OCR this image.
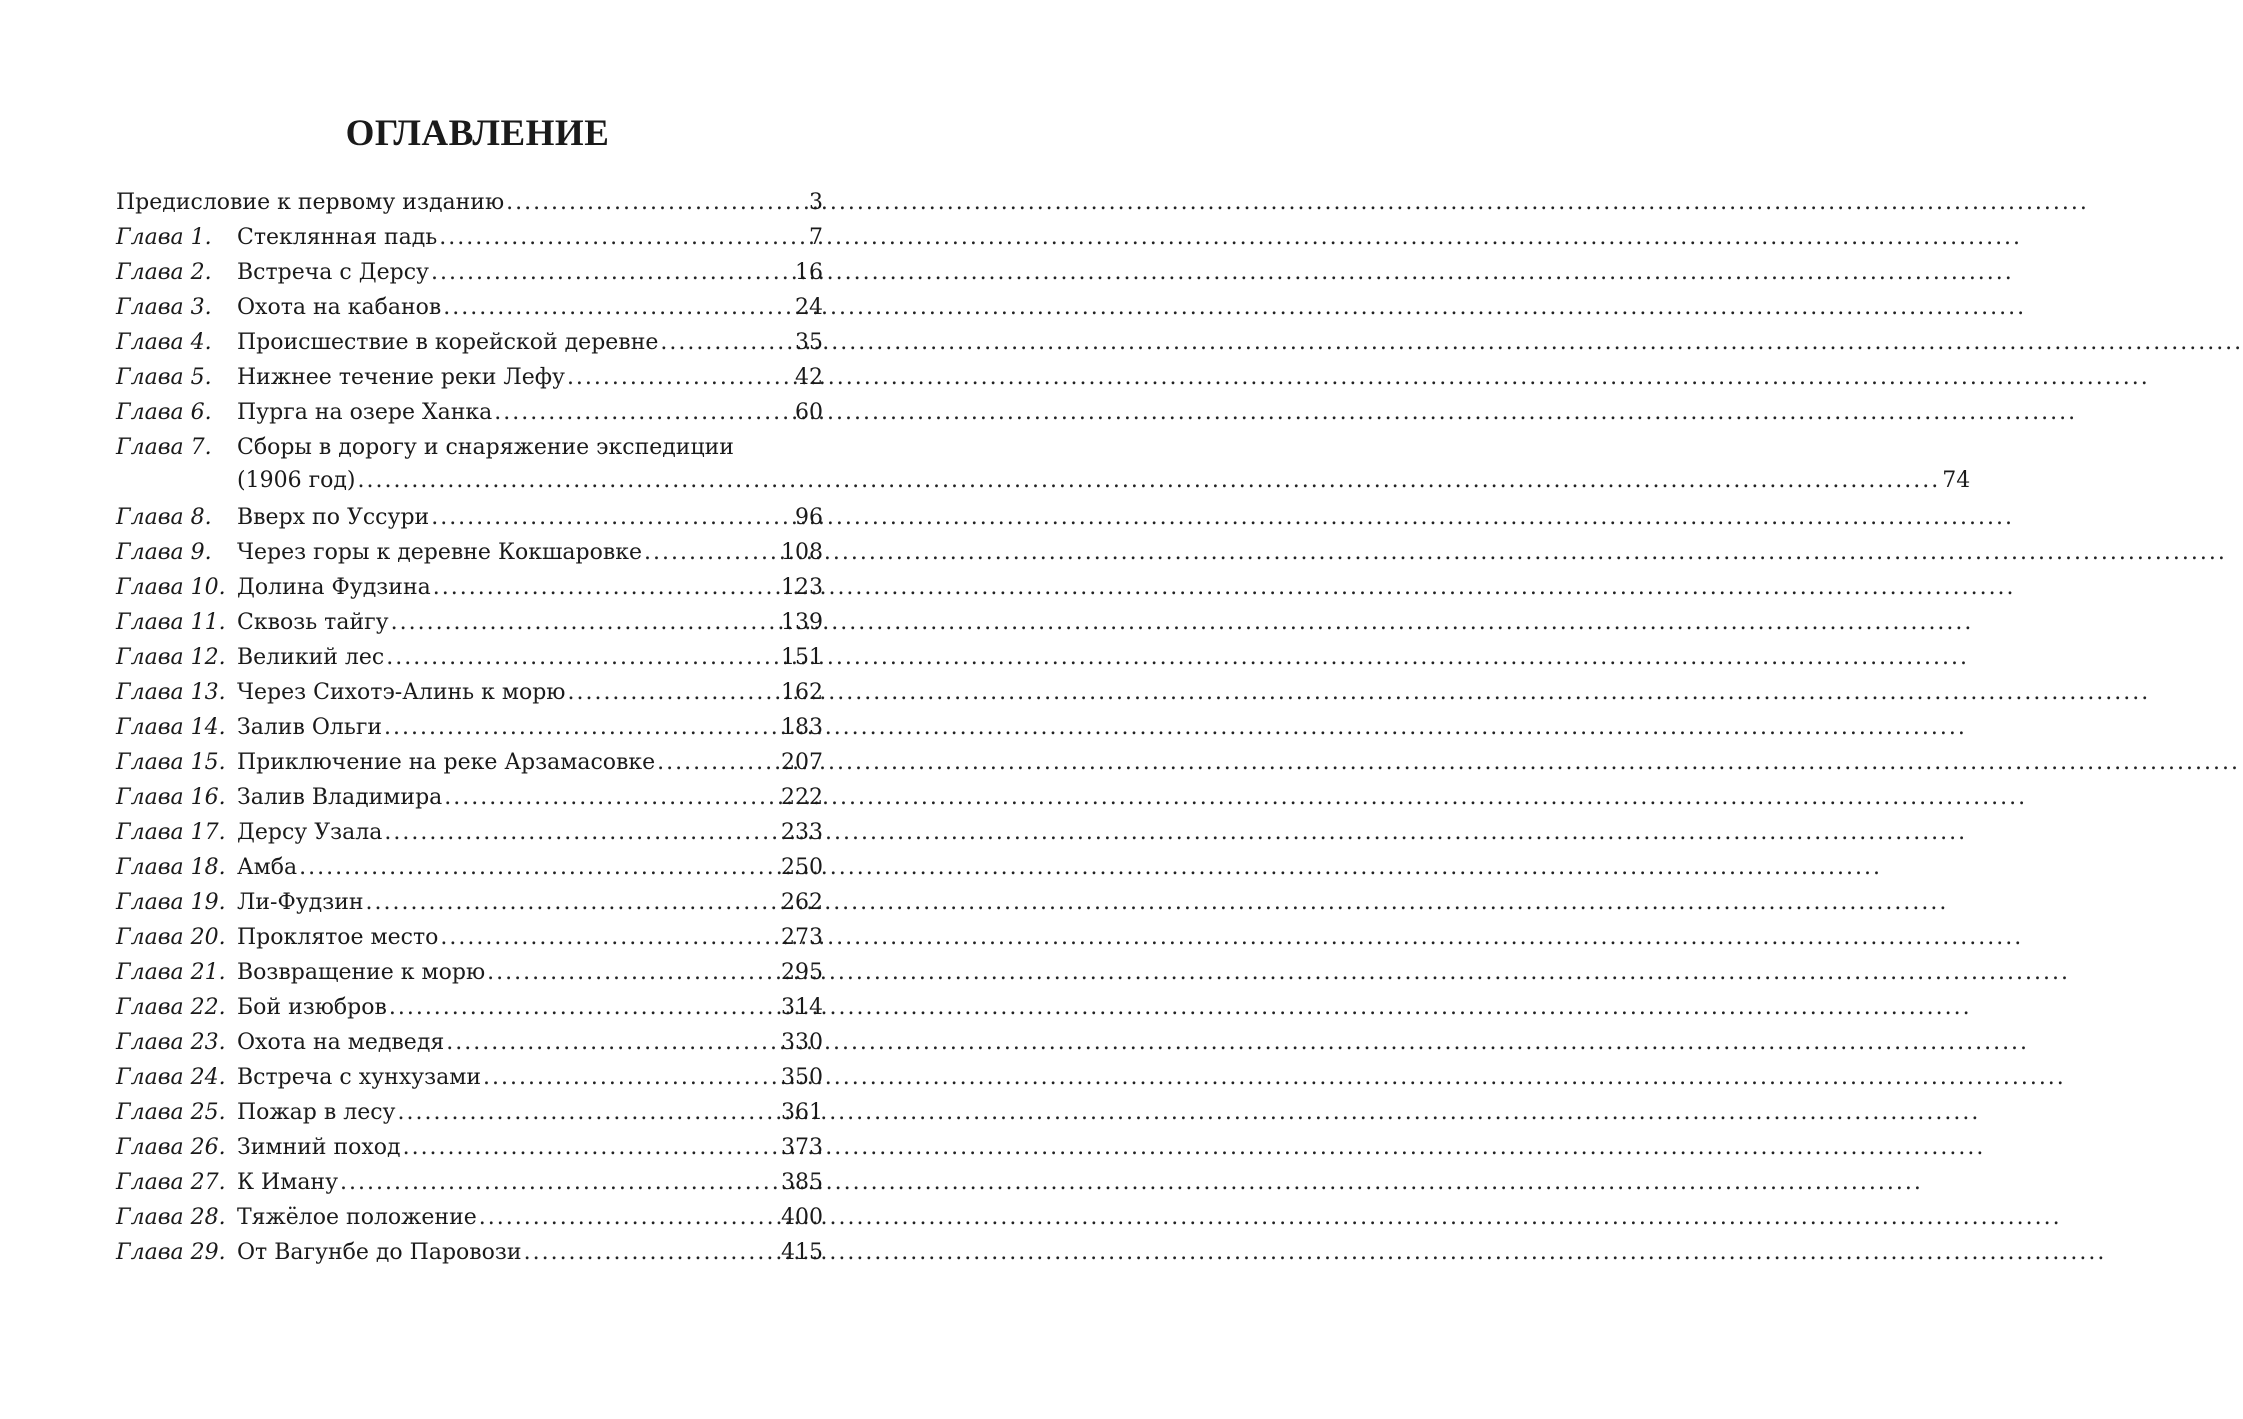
ОГЛАВЛЕНИЕ
Предисловие к первому изданию .....	3
Глава 1.	Стеклянная падь .....	7
Глава 2.	Встреча с Дерсу .....	16
Глава 3.	Охота на кабанов .....	24
Глава 4.	Происшествие в корейской деревне .....	35
Глава 5.	Нижнее течение реки Лефу .....	42
Глава 6.	Пурга на озере Ханка .....	60
Глава 7.	Сборы в дорогу и снаряжение экспедиции
(1906 год) .....	74
Глава 8.	Вверх по Уссури .....	96
Глава 9.	Через горы к деревне Кокшаровке .....	108
Глава 10. Долина Фудзина .....	123
Глава 11. Сквозь тайгу .....	139
Глава 12. Великий лес .....	151
Глава 13. Через Сихотэ-Алинь к морю .....	162
Глава 14. Залив Ольги .....	183
Глава 15. Приключение на реке Арзамасовке .....	207
Глава 16. Залив Владимира .....	222
Глава 17. Дерсу Узала .....	233
Глава 18. Амба .....	250
Глава 19. Ли-Фудзин .....	262
Глава 20. Проклятое место .....	273
Глава 21. Возвращение к морю .....	295
Глава 22. Бой изюбров .....	314
Глава 23. Охота на медведя .....	330
Глава 24. Встреча с хунхузами .....	350
Глава 25. Пожар в лесу .....	361
Глава 26. Зимний поход .....	373
Глава 27. К Иману .....	385
Глава 28. Тяжёлое положение .....	400
Глава 29. От Вагунбе до Паровози .....	415
